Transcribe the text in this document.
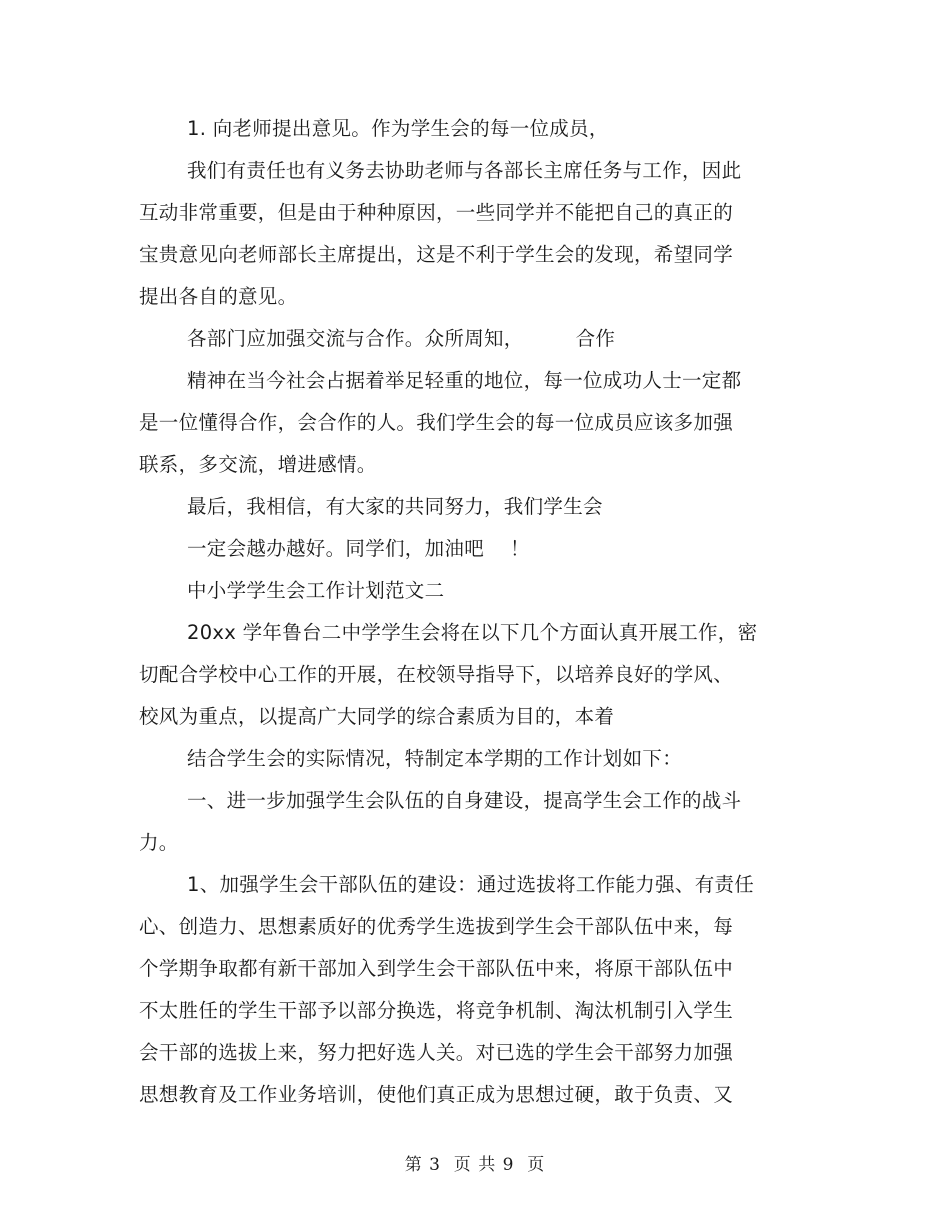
1. 向老师提出意见。作为学生会的每一位成员，
我们有责任也有义务去协助老师与各部长主席任务与工作，因此
互动非常重要，但是由于种种原因，一些同学并不能把自己的真正的
宝贵意见向老师部长主席提出，这是不利于学生会的发现，希望同学
提出各自的意见。
各部门应加强交流与合作。众所周知，        合作
精神在当今社会占据着举足轻重的地位，每一位成功人士一定都
是一位懂得合作，会合作的人。我们学生会的每一位成员应该多加强
联系，多交流，增进感情。
最后，我相信，有大家的共同努力，我们学生会
一定会越办越好。同学们，加油吧    ！
中小学学生会工作计划范文二
20xx 学年鲁台二中学学生会将在以下几个方面认真开展工作，密
切配合学校中心工作的开展，在校领导指导下，以培养良好的学风、
校风为重点，以提高广大同学的综合素质为目的，本着
结合学生会的实际情况，特制定本学期的工作计划如下：
一、进一步加强学生会队伍的自身建设，提高学生会工作的战斗
力。
1、加强学生会干部队伍的建设：通过选拔将工作能力强、有责任
心、创造力、思想素质好的优秀学生选拔到学生会干部队伍中来，每
个学期争取都有新干部加入到学生会干部队伍中来，将原干部队伍中
不太胜任的学生干部予以部分换选，将竞争机制、淘汰机制引入学生
会干部的选拔上来，努力把好选人关。对已选的学生会干部努力加强
思想教育及工作业务培训，使他们真正成为思想过硬，敢于负责、又
第 3  页 共 9  页
